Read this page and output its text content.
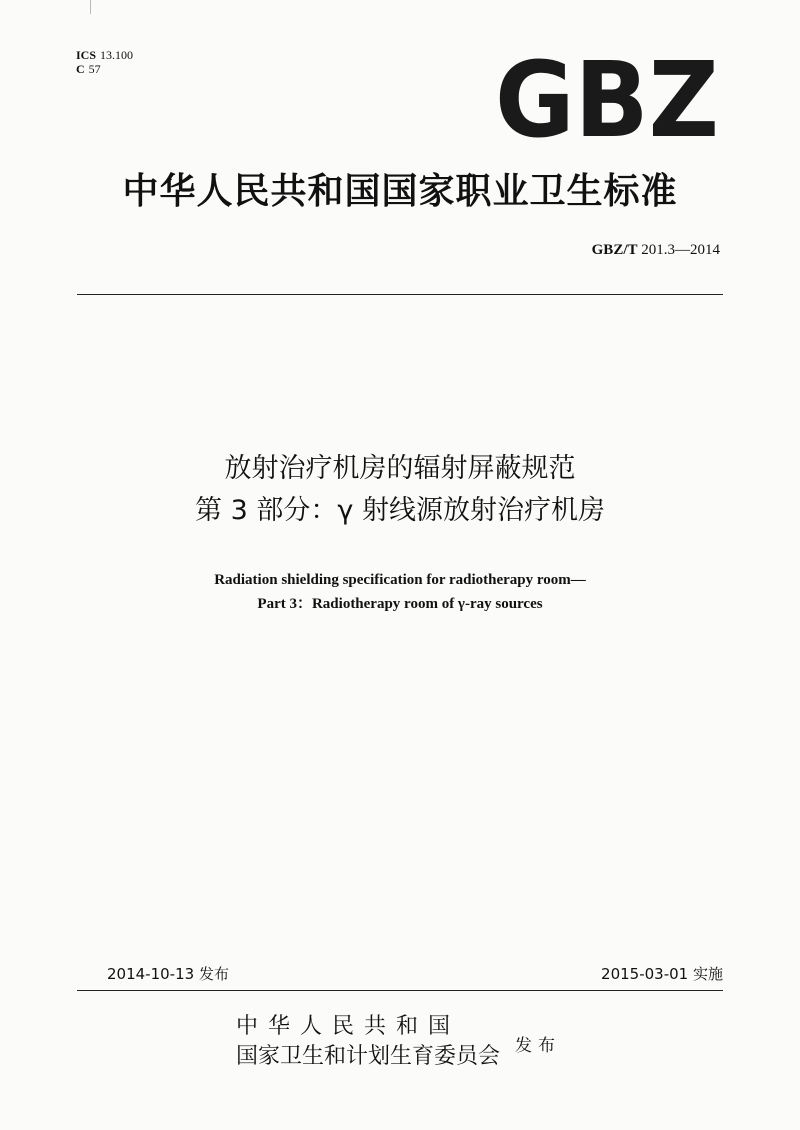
ICS 13.100
C 57	GBZ
中华人民共和国国家职业卫生标准
GBZ/T 201.3—2014
放射治疗机房的辐射屏蔽规范
第 3 部分：γ 射线源放射治疗机房
Radiation shielding specification for radiotherapy room—
Part 3：Radiotherapy room of γ-ray sources
2014-10-13 发布	2015-03-01 实施
中华人民共和国
国家卫生和计划生育委员会 发布
